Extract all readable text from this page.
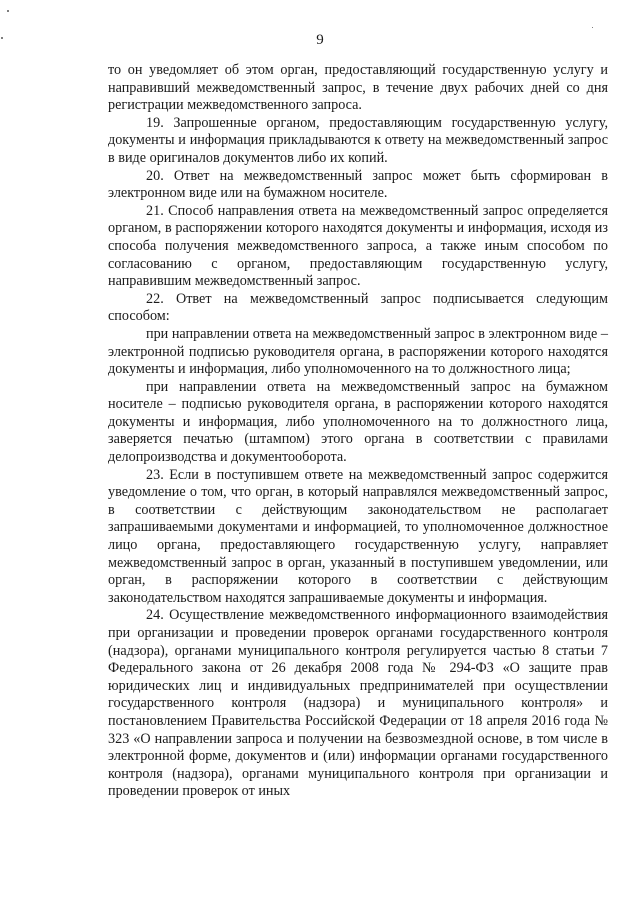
9

то он уведомляет об этом орган, предоставляющий государственную услугу и направивший межведомственный запрос, в течение двух рабочих дней со дня регистрации межведомственного запроса.

19. Запрошенные органом, предоставляющим государственную услугу, документы и информация прикладываются к ответу на межведомственный запрос в виде оригиналов документов либо их копий.

20. Ответ на межведомственный запрос может быть сформирован в электронном виде или на бумажном носителе.

21. Способ направления ответа на межведомственный запрос определяется органом, в распоряжении которого находятся документы и информация, исходя из способа получения межведомственного запроса, а также иным способом по согласованию с органом, предоставляющим государственную услугу, направившим межведомственный запрос.

22. Ответ на межведомственный запрос подписывается следующим способом:

при направлении ответа на межведомственный запрос в электронном виде – электронной подписью руководителя органа, в распоряжении которого находятся документы и информация, либо уполномоченного на то должностного лица;

при направлении ответа на межведомственный запрос на бумажном носителе – подписью руководителя органа, в распоряжении которого находятся документы и информация, либо уполномоченного на то должностного лица, заверяется печатью (штампом) этого органа в соответствии с правилами делопроизводства и документооборота.

23. Если в поступившем ответе на межведомственный запрос содержится уведомление о том, что орган, в который направлялся межведомственный запрос, в соответствии с действующим законодательством не располагает запрашиваемыми документами и информацией, то уполномоченное должностное лицо органа, предоставляющего государственную услугу, направляет межведомственный запрос в орган, указанный в поступившем уведомлении, или орган, в распоряжении которого в соответствии с действующим законодательством находятся запрашиваемые документы и информация.

24. Осуществление межведомственного информационного взаимодействия при организации и проведении проверок органами государственного контроля (надзора), органами муниципального контроля регулируется частью 8 статьи 7 Федерального закона от 26 декабря 2008 года № 294-ФЗ «О защите прав юридических лиц и индивидуальных предпринимателей при осуществлении государственного контроля (надзора) и муниципального контроля» и постановлением Правительства Российской Федерации от 18 апреля 2016 года № 323 «О направлении запроса и получении на безвозмездной основе, в том числе в электронной форме, документов и (или) информации органами государственного контроля (надзора), органами муниципального контроля при организации и проведении проверок от иных
